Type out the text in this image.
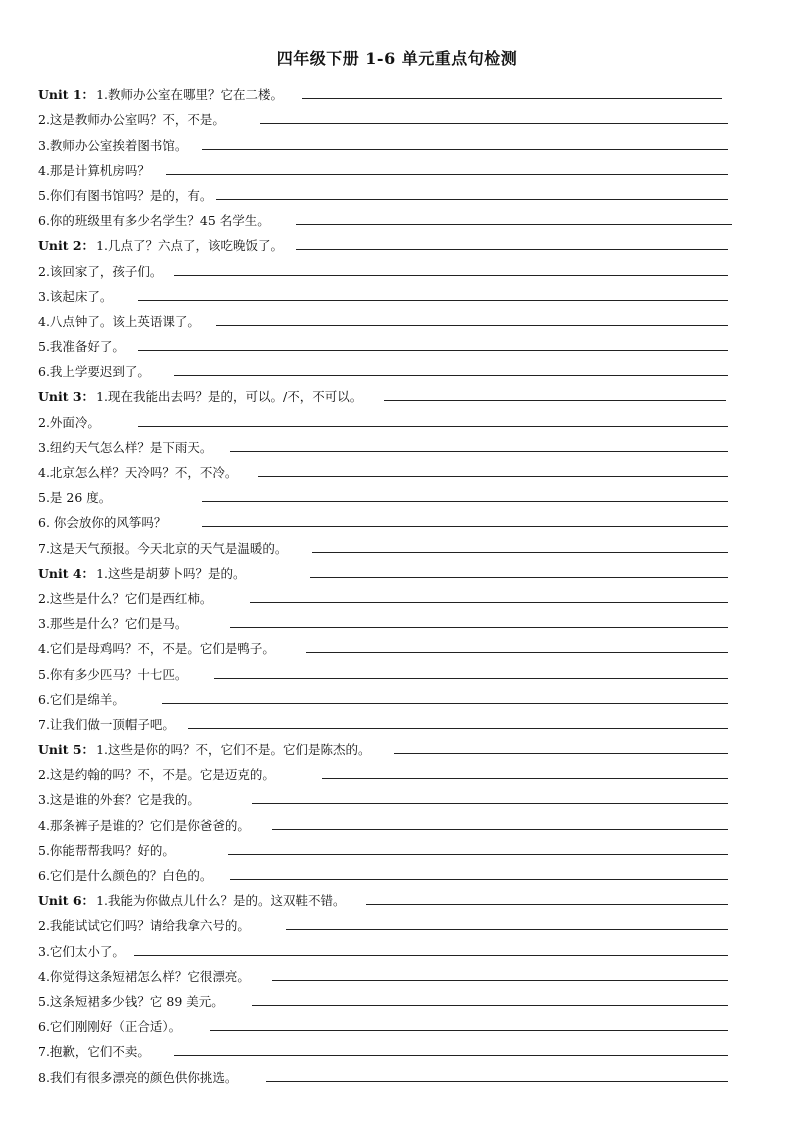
四年级下册 1-6 单元重点句检测
Unit 1： 1.教师办公室在哪里？它在二楼。
2.这是教师办公室吗？不，不是。
3.教师办公室挨着图书馆。
4.那是计算机房吗？
5.你们有图书馆吗？是的，有。
6.你的班级里有多少名学生？45 名学生。
Unit 2： 1.几点了？六点了，该吃晚饭了。
2.该回家了，孩子们。
3.该起床了。
4.八点钟了。该上英语课了。
5.我准备好了。
6.我上学要迟到了。
Unit 3： 1.现在我能出去吗？是的，可以。/不，不可以。
2.外面冷。
3.纽约天气怎么样？是下雨天。
4.北京怎么样？天冷吗？不，不冷。
5.是 26 度。
6. 你会放你的风筝吗？
7.这是天气预报。今天北京的天气是温暖的。
Unit 4： 1.这些是胡萝卜吗？是的。
2.这些是什么？它们是西红柿。
3.那些是什么？它们是马。
4.它们是母鸡吗？不，不是。它们是鸭子。
5.你有多少匹马？十七匹。
6.它们是绵羊。
7.让我们做一顶帽子吧。
Unit 5： 1.这些是你的吗？不，它们不是。它们是陈杰的。
2.这是约翰的吗？不，不是。它是迈克的。
3.这是谁的外套？它是我的。
4.那条裤子是谁的？它们是你爸爸的。
5.你能帮帮我吗？好的。
6.它们是什么颜色的？白色的。
Unit 6： 1.我能为你做点儿什么？是的。这双鞋不错。
2.我能试试它们吗？请给我拿六号的。
3.它们太小了。
4.你觉得这条短裙怎么样？它很漂亮。
5.这条短裙多少钱？它 89 美元。
6.它们刚刚好（正合适）。
7.抱歉，它们不卖。
8.我们有很多漂亮的颜色供你挑选。
